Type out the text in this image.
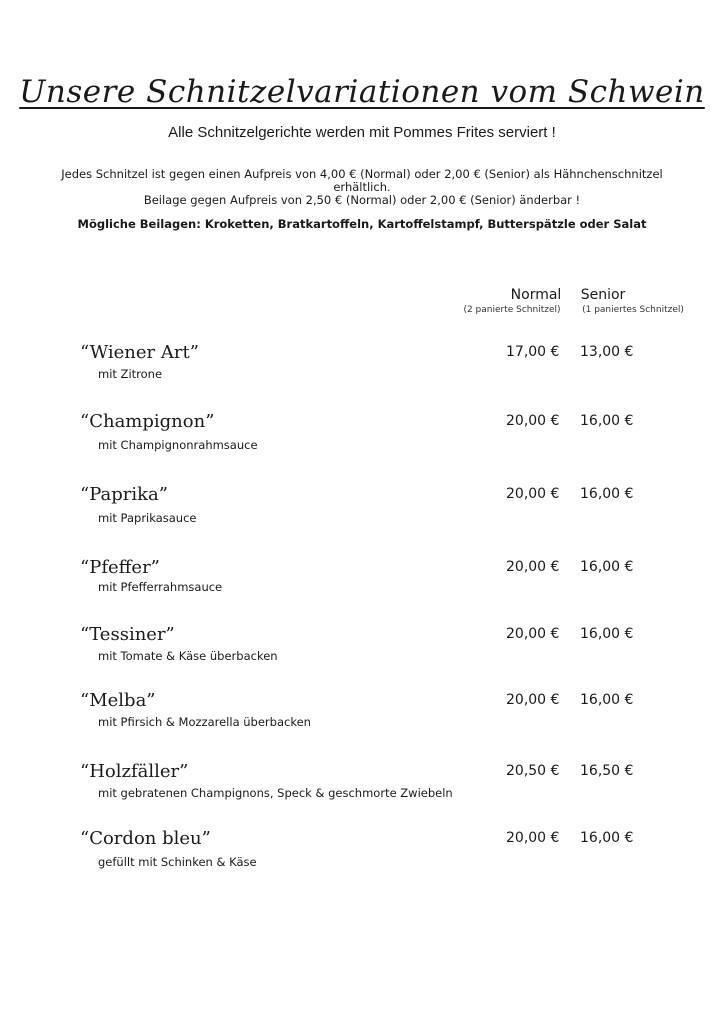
Unsere Schnitzelvariationen vom Schwein
Alle Schnitzelgerichte werden mit Pommes Frites serviert !
Jedes Schnitzel ist gegen einen Aufpreis von 4,00 € (Normal) oder 2,00 € (Senior) als Hähnchenschnitzel
erhältlich.
Beilage gegen Aufpreis von 2,50 € (Normal) oder 2,00 € (Senior) änderbar !
Mögliche Beilagen: Kroketten, Bratkartoffeln, Kartoffelstampf, Butterspätzle oder Salat
Normal
(2 panierte Schnitzel)
Senior
(1 paniertes Schnitzel)
“Wiener Art”
mit Zitrone
17,00 € 13,00 €
“Champignon”
mit Champignonrahmsauce
20,00 € 16,00 €
“Paprika”
mit Paprikasauce
20,00 € 16,00 €
“Pfeffer”
mit Pfefferrahmsauce
20,00 € 16,00 €
“Tessiner”
mit Tomate & Käse überbacken
20,00 € 16,00 €
“Melba”
mit Pfirsich & Mozzarella überbacken
20,00 € 16,00 €
“Holzfäller”
mit gebratenen Champignons, Speck & geschmorte Zwiebeln
20,50 € 16,50 €
“Cordon bleu”
gefüllt mit Schinken & Käse
20,00 € 16,00 €
